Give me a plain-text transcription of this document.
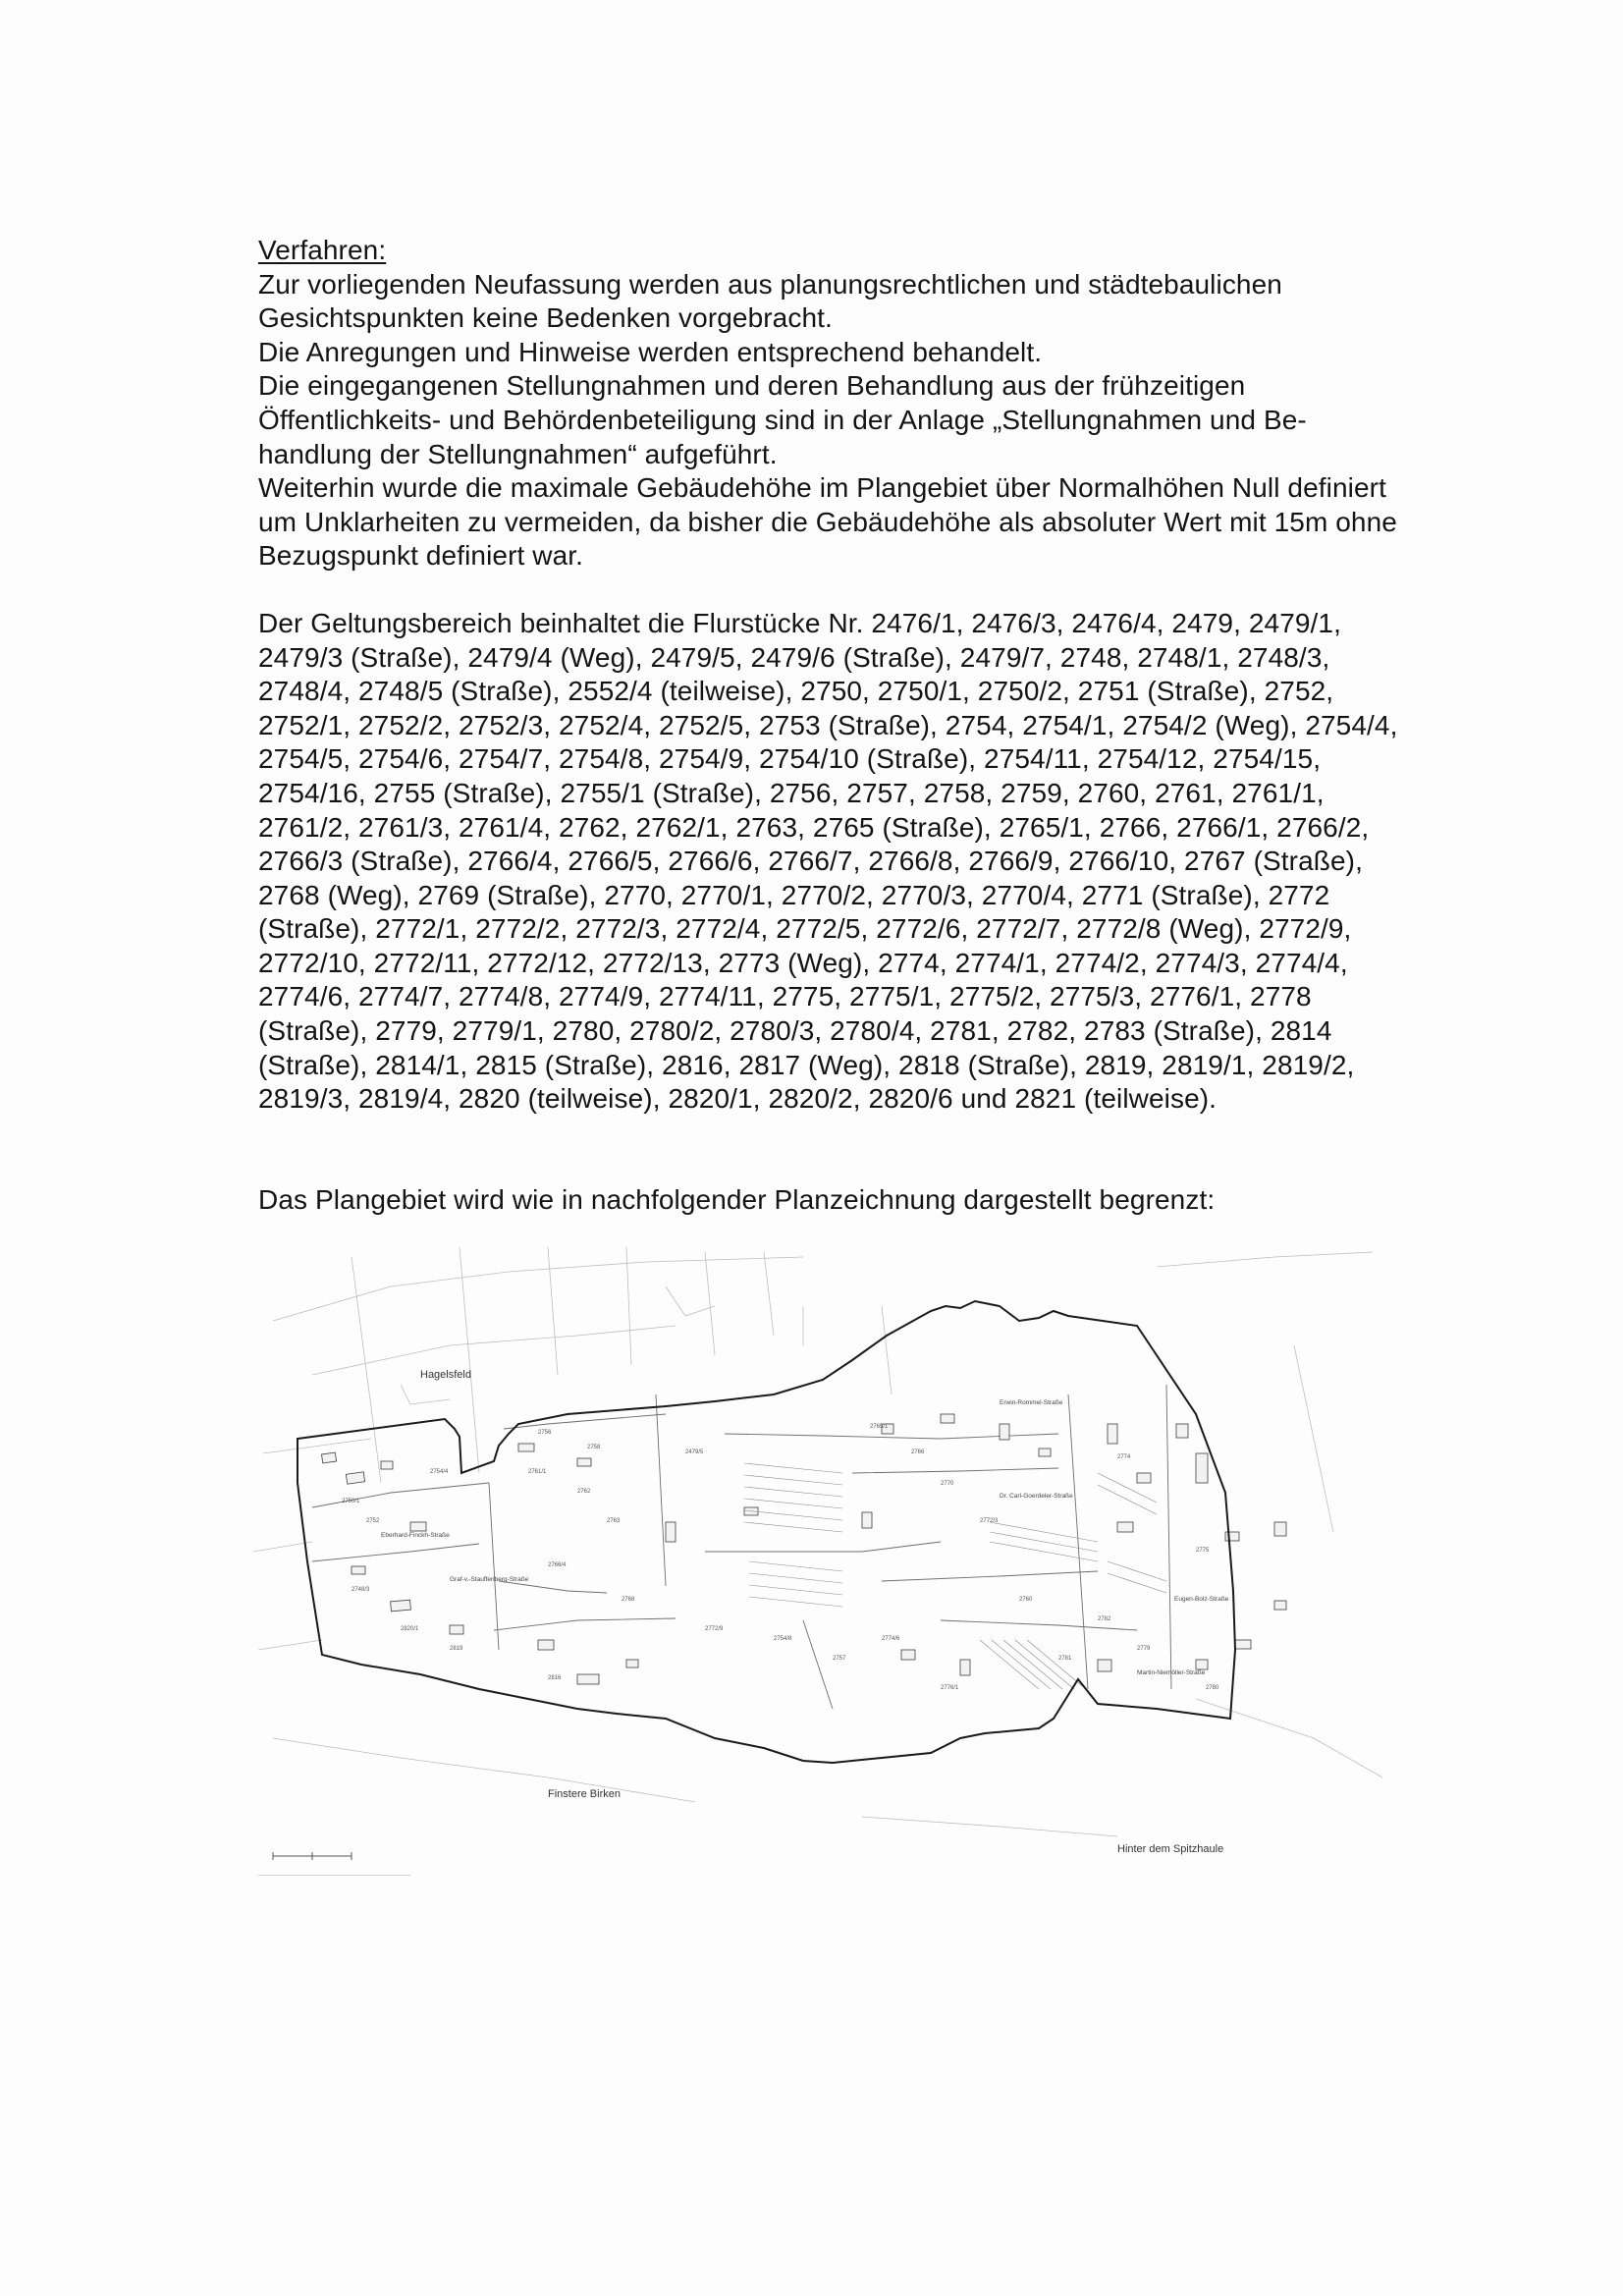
Verfahren:

Zur vorliegenden Neufassung werden aus planungsrechtlichen und städtebaulichen

Gesichtspunkten keine Bedenken vorgebracht.

Die Anregungen und Hinweise werden entsprechend behandelt.

Die eingegangenen Stellungnahmen und deren Behandlung aus der frühzeitigen

Öffentlichkeits- und Behördenbeteiligung sind in der Anlage „Stellungnahmen und Be-

handlung der Stellungnahmen“ aufgeführt.

Weiterhin wurde die maximale Gebäudehöhe im Plangebiet über Normalhöhen Null definiert

um Unklarheiten zu vermeiden, da bisher die Gebäudehöhe als absoluter Wert mit 15m ohne

Bezugspunkt definiert war.

Der Geltungsbereich beinhaltet die Flurstücke Nr. 2476/1, 2476/3, 2476/4, 2479, 2479/1,

2479/3 (Straße), 2479/4 (Weg), 2479/5, 2479/6 (Straße), 2479/7, 2748, 2748/1, 2748/3,

2748/4, 2748/5 (Straße), 2552/4 (teilweise), 2750, 2750/1, 2750/2, 2751 (Straße), 2752,

2752/1, 2752/2, 2752/3, 2752/4, 2752/5, 2753 (Straße), 2754, 2754/1, 2754/2 (Weg), 2754/4,

2754/5, 2754/6, 2754/7, 2754/8, 2754/9, 2754/10 (Straße), 2754/11, 2754/12, 2754/15,

2754/16, 2755 (Straße), 2755/1 (Straße), 2756, 2757, 2758, 2759, 2760, 2761, 2761/1,

2761/2, 2761/3, 2761/4, 2762, 2762/1, 2763, 2765 (Straße), 2765/1, 2766, 2766/1, 2766/2,

2766/3 (Straße), 2766/4, 2766/5, 2766/6, 2766/7, 2766/8, 2766/9, 2766/10, 2767 (Straße),

2768 (Weg), 2769 (Straße), 2770, 2770/1, 2770/2, 2770/3, 2770/4, 2771 (Straße), 2772

(Straße), 2772/1, 2772/2, 2772/3, 2772/4, 2772/5, 2772/6, 2772/7, 2772/8 (Weg), 2772/9,

2772/10, 2772/11, 2772/12, 2772/13, 2773 (Weg), 2774, 2774/1, 2774/2, 2774/3, 2774/4,

2774/6, 2774/7, 2774/8, 2774/9, 2774/11, 2775, 2775/1, 2775/2, 2775/3, 2776/1, 2778

(Straße), 2779, 2779/1, 2780, 2780/2, 2780/3, 2780/4, 2781, 2782, 2783 (Straße), 2814

(Straße), 2814/1, 2815 (Straße), 2816, 2817 (Weg), 2818 (Straße), 2819, 2819/1, 2819/2,

2819/3, 2819/4, 2820 (teilweise), 2820/1, 2820/2, 2820/6 und 2821 (teilweise).

Das Plangebiet wird wie in nachfolgender Planzeichnung dargestellt begrenzt:

Hagelsfeld
Finstere Birken
Hinter dem Spitzhaule
Erwin-Rommel-Straße
Dr. Carl-Goerdeler-Straße
Eberhard-Finckh-Straße
Eugen-Bolz-Straße
Martin-Niemöller-Straße
Graf-v.-Stauffenberg-Straße
2765/1
2766
2770
2772/3
2774
2775
2779
2780
2750/1
2752
2754/4
2756
2758
2761/1
2762
2763
2766/4
2768
2772/9
2774/6
2776/1
2781
2782
2819
2820/1
2816
2479/5
2748/3
2754/8
2757
2760
